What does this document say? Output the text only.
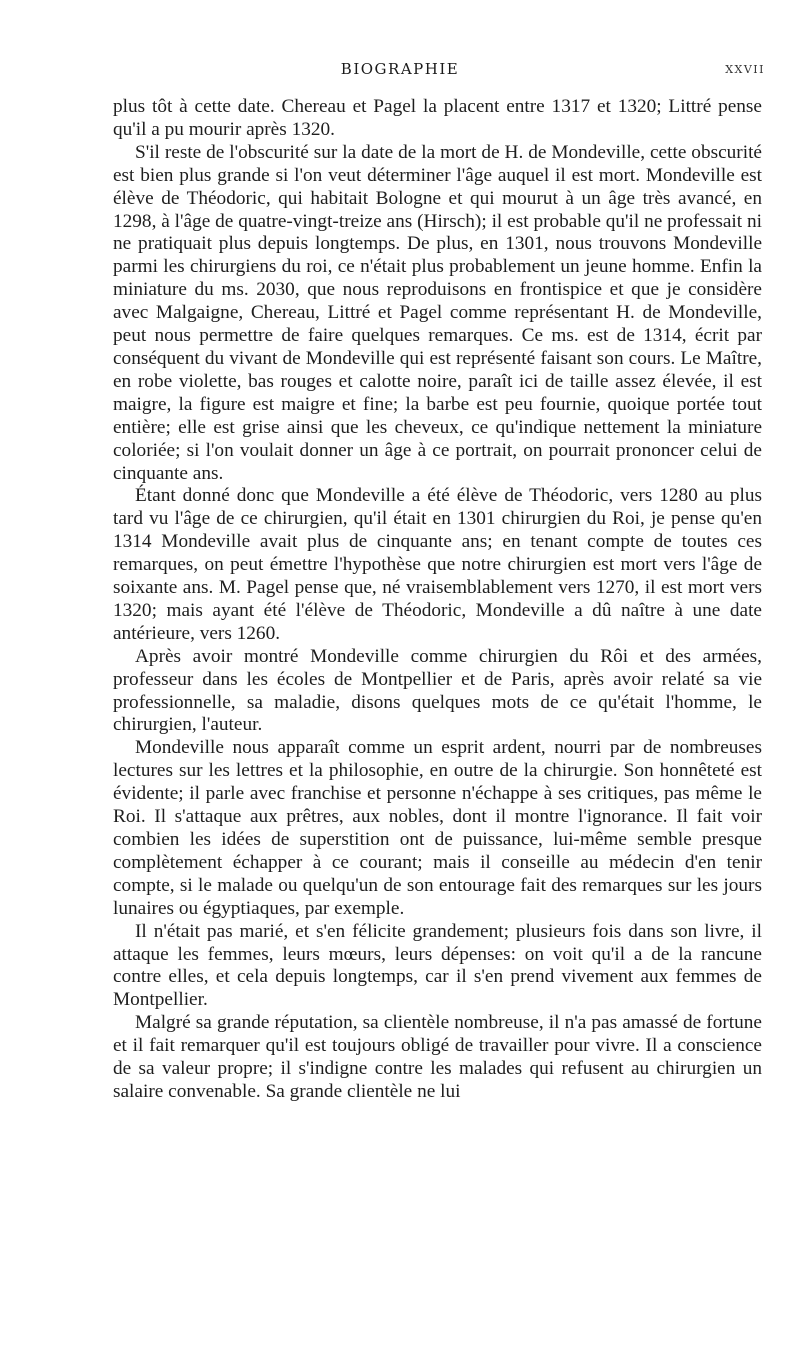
BIOGRAPHIE	XXVII

plus tôt à cette date. Chereau et Pagel la placent entre 1317 et 1320; Littré pense qu'il a pu mourir après 1320.

S'il reste de l'obscurité sur la date de la mort de H. de Mondeville, cette obscurité est bien plus grande si l'on veut déterminer l'âge auquel il est mort. Mondeville est élève de Théodoric, qui habitait Bologne et qui mourut à un âge très avancé, en 1298, à l'âge de quatre-vingt-treize ans (Hirsch); il est probable qu'il ne professait ni ne pratiquait plus depuis longtemps. De plus, en 1301, nous trouvons Mondeville parmi les chirurgiens du roi, ce n'était plus probablement un jeune homme. Enfin la miniature du ms. 2030, que nous reproduisons en frontispice et que je considère avec Malgaigne, Chereau, Littré et Pagel comme représentant H. de Mondeville, peut nous permettre de faire quelques remarques. Ce ms. est de 1314, écrit par conséquent du vivant de Mondeville qui est représenté faisant son cours. Le Maître, en robe violette, bas rouges et calotte noire, paraît ici de taille assez élevée, il est maigre, la figure est maigre et fine; la barbe est peu fournie, quoique portée tout entière; elle est grise ainsi que les cheveux, ce qu'indique nettement la miniature coloriée; si l'on voulait donner un âge à ce portrait, on pourrait prononcer celui de cinquante ans.

Étant donné donc que Mondeville a été élève de Théodoric, vers 1280 au plus tard vu l'âge de ce chirurgien, qu'il était en 1301 chirurgien du Roi, je pense qu'en 1314 Mondeville avait plus de cinquante ans; en tenant compte de toutes ces remarques, on peut émettre l'hypothèse que notre chirurgien est mort vers l'âge de soixante ans. M. Pagel pense que, né vraisemblablement vers 1270, il est mort vers 1320; mais ayant été l'élève de Théodoric, Mondeville a dû naître à une date antérieure, vers 1260.

Après avoir montré Mondeville comme chirurgien du Rôi et des armées, professeur dans les écoles de Montpellier et de Paris, après avoir relaté sa vie professionnelle, sa maladie, disons quelques mots de ce qu'était l'homme, le chirurgien, l'auteur.

Mondeville nous apparaît comme un esprit ardent, nourri par de nombreuses lectures sur les lettres et la philosophie, en outre de la chirurgie. Son honnêteté est évidente; il parle avec franchise et personne n'échappe à ses critiques, pas même le Roi. Il s'attaque aux prêtres, aux nobles, dont il montre l'ignorance. Il fait voir combien les idées de superstition ont de puissance, lui-même semble presque complètement échapper à ce courant; mais il conseille au médecin d'en tenir compte, si le malade ou quelqu'un de son entourage fait des remarques sur les jours lunaires ou égyptiaques, par exemple.

Il n'était pas marié, et s'en félicite grandement; plusieurs fois dans son livre, il attaque les femmes, leurs mœurs, leurs dépenses: on voit qu'il a de la rancune contre elles, et cela depuis longtemps, car il s'en prend vivement aux femmes de Montpellier.

Malgré sa grande réputation, sa clientèle nombreuse, il n'a pas amassé de fortune et il fait remarquer qu'il est toujours obligé de travailler pour vivre. Il a conscience de sa valeur propre; il s'indigne contre les malades qui refusent au chirurgien un salaire convenable. Sa grande clientèle ne lui
